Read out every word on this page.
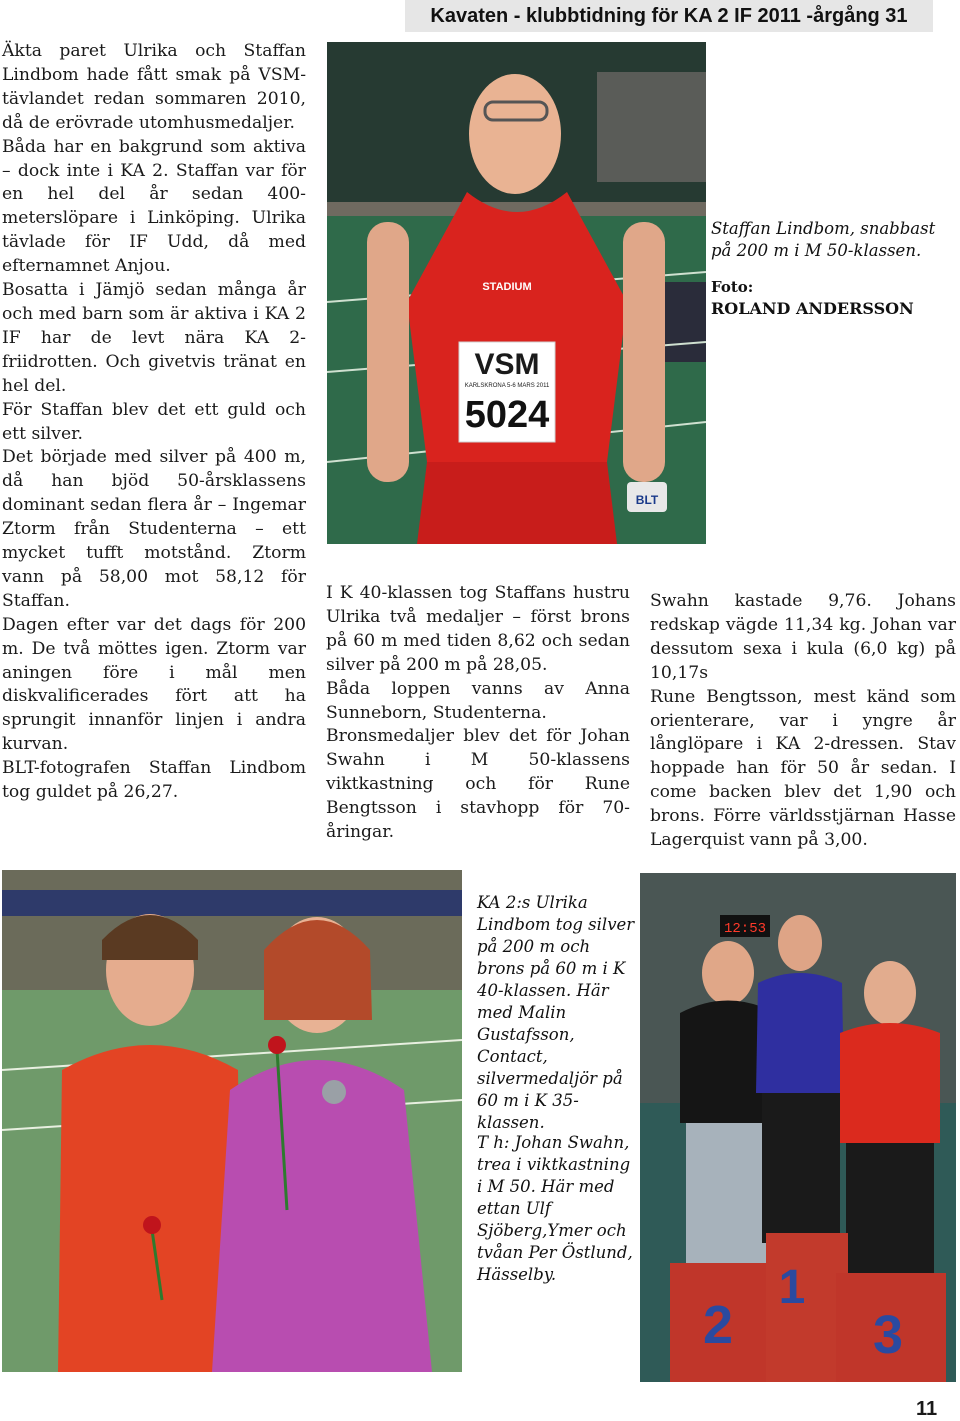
Kavaten - klubbtidning för KA 2 IF 2011 -årgång 31

Äkta paret Ulrika och Staffan Lindbom hade fått smak på VSM-tävlandet redan sommaren 2010, då de erövrade utomhusmedaljer.

Båda har en bakgrund som aktiva – dock inte i KA 2. Staffan var för en hel del år sedan 400-meterslöpare i Linköping. Ulrika tävlade för IF Udd, då med efternamnet Anjou.

Bosatta i Jämjö sedan många år och med barn som är aktiva i KA 2 IF har de levt nära KA 2-friidrotten. Och givetvis tränat en hel del.

För Staffan blev det ett guld och ett silver.

Det började med silver på 400 m, då han bjöd 50-årsklassens dominant sedan flera år – Ingemar Ztorm från Studenterna – ett mycket tufft motstånd. Ztorm vann på 58,00 mot 58,12 för Staffan.

Dagen efter var det dags för 200 m. De två möttes igen. Ztorm var aningen före i mål men diskvalificerades fört att ha sprungit innanför linjen i andra kurvan.

BLT-fotografen Staffan Lindbom tog guldet på 26,27.

VSM
KARLSKRONA 5-6 MARS 2011
5024
STADIUM
BLT
Staffan Lindbom, snabbast på 200 m i M 50-klassen.
Foto:
ROLAND ANDERSSON

I K 40-klassen tog Staffans hustru Ulrika två medaljer – först brons på 60 m med tiden 8,62 och sedan silver på 200 m på 28,05.

Båda loppen vanns av Anna Sunneborn, Studenterna.

Bronsmedaljer blev det för Johan Swahn i M 50-klassens viktkastning och för Rune Bengtsson i stavhopp för 70-åringar.

Swahn kastade 9,76. Johans redskap vägde 11,34 kg. Johan var dessutom sexa i kula (6,0 kg) på 10,17s

Rune Bengtsson, mest känd som orienterare, var i yngre år långlöpare i KA 2-dressen. Stav hoppade han för 50 år sedan. I come backen blev det 1,90 och brons. Förre världsstjärnan Hasse Lagerquist vann på 3,00.

KA 2:s Ulrika Lindbom tog silver på 200 m och brons på 60 m i K 40-klassen. Här med Malin Gustafsson, Contact, silvermedaljör på 60 m i K 35-klassen.
T h: Johan Swahn, trea i viktkastning i M 50. Här med ettan Ulf Sjöberg,Ymer och tvåan Per Östlund, Hässelby.
12:53
1
2	3
11
